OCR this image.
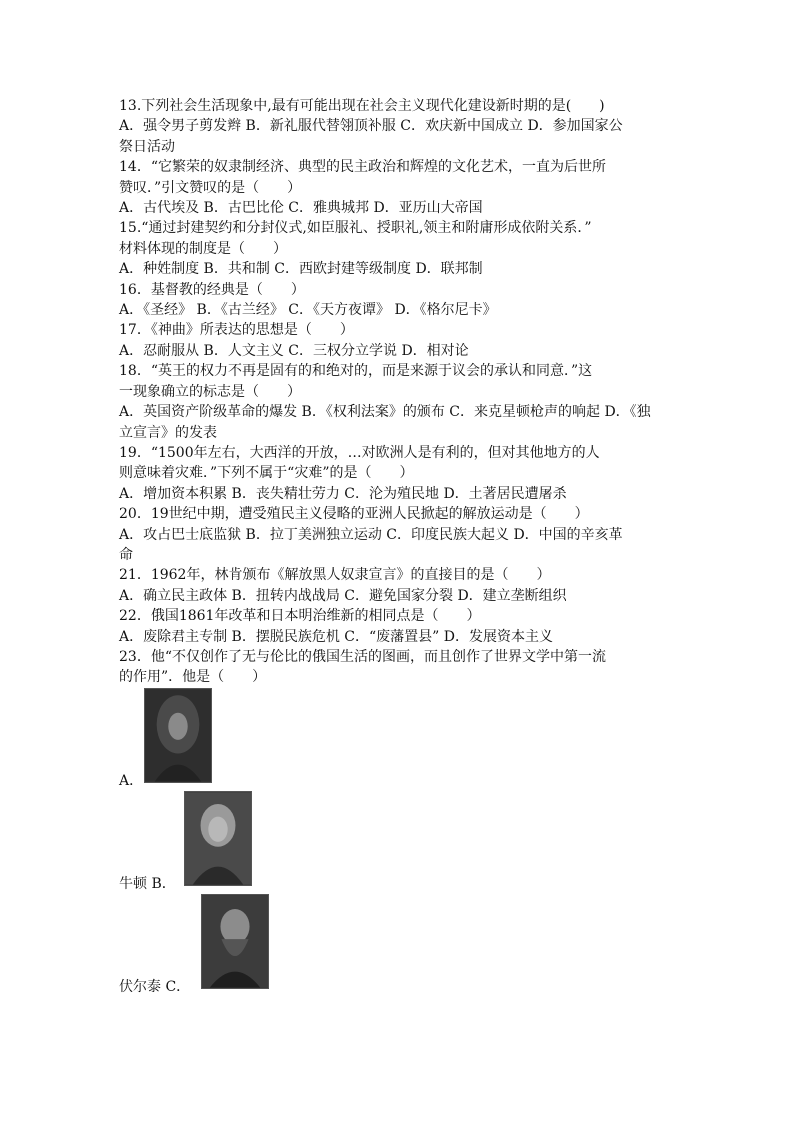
13.下列社会生活现象中,最有可能出现在社会主义现代化建设新时期的是(　　)
A．强令男子剪发辫 B．新礼服代替翎顶补服 C．欢庆新中国成立 D．参加国家公
祭日活动
14．“它繁荣的奴隶制经济、典型的民主政治和辉煌的文化艺术，一直为后世所
赞叹．”引文赞叹的是（　　）
A．古代埃及 B．古巴比伦 C．雅典城邦 D．亚历山大帝国
15.“通过封建契约和分封仪式,如臣服礼、授职礼,领主和附庸形成依附关系．”
材料体现的制度是（　　）
A．种姓制度 B．共和制 C．西欧封建等级制度 D．联邦制
16．基督教的经典是（　　）
A．《圣经》 B．《古兰经》 C．《天方夜谭》 D．《格尔尼卡》
17．《神曲》所表达的思想是（　　）
A．忍耐服从 B．人文主义 C．三权分立学说 D．相对论
18．“英王的权力不再是固有的和绝对的，而是来源于议会的承认和同意．”这
一现象确立的标志是（　　）
A．英国资产阶级革命的爆发 B．《权利法案》的颁布 C．来克星顿枪声的响起 D．《独
立宣言》的发表
19．“1500年左右，大西洋的开放，…对欧洲人是有利的，但对其他地方的人
则意味着灾难．”下列不属于“灾难”的是（　　）
A．增加资本积累 B．丧失精壮劳力 C．沦为殖民地 D．土著居民遭屠杀
20．19世纪中期，遭受殖民主义侵略的亚洲人民掀起的解放运动是（　　）
A．攻占巴士底监狱 B．拉丁美洲独立运动 C．印度民族大起义 D．中国的辛亥革
命
21．1962年，林肯颁布《解放黑人奴隶宣言》的直接目的是（　　）
A．确立民主政体 B．扭转内战战局 C．避免国家分裂 D．建立垄断组织
22．俄国1861年改革和日本明治维新的相同点是（　　）
A．废除君主专制 B．摆脱民族危机 C．“废藩置县” D．发展资本主义
23．他“不仅创作了无与伦比的俄国生活的图画，而且创作了世界文学中第一流
的作用”．他是（　　）
A．
牛顿 B．
伏尔泰 C．
